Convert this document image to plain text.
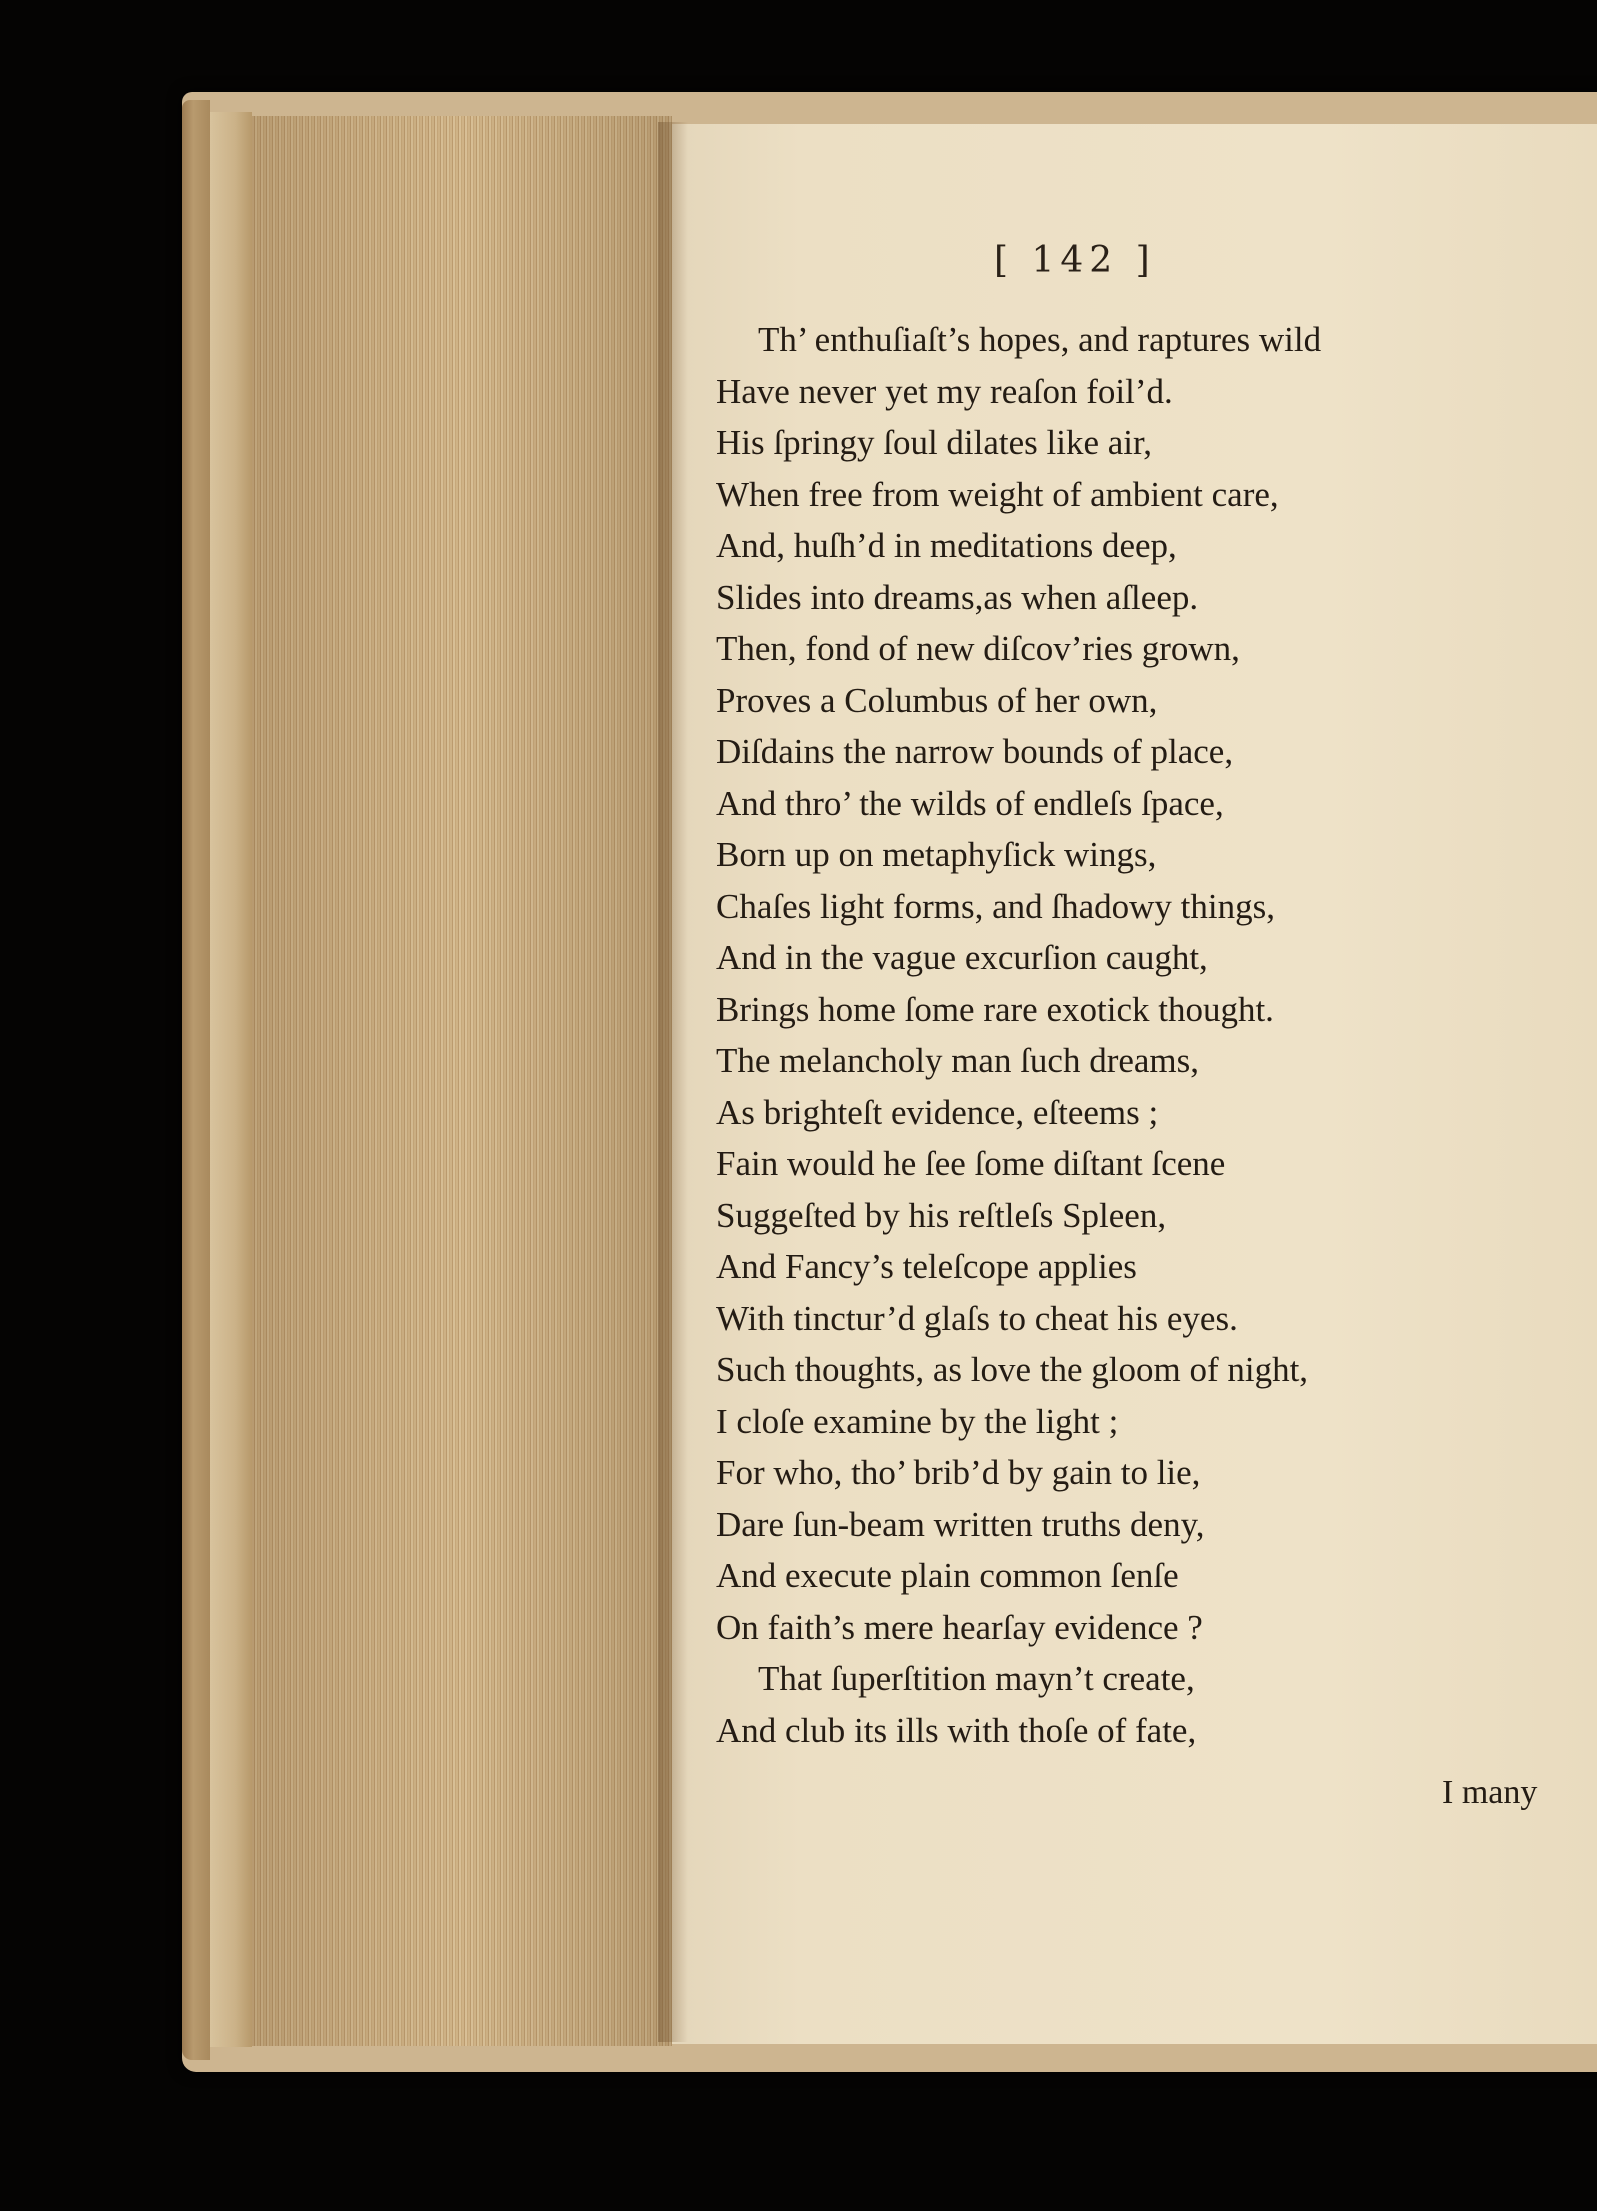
[ 142 ]
Th’ enthuſiaſt’s hopes, and raptures wild
Have never yet my reaſon foil’d.
His ſpringy ſoul dilates like air,
When free from weight of ambient care,
And, huſh’d in meditations deep,
Slides into dreams,as when aſleep.
Then, fond of new diſcov’ries grown,
Proves a Columbus of her own,
Diſdains the narrow bounds of place,
And thro’ the wilds of endleſs ſpace,
Born up on metaphyſick wings,
Chaſes light forms, and ſhadowy things,
And in the vague excurſion caught,
Brings home ſome rare exotick thought.
The melancholy man ſuch dreams,
As brighteſt evidence, eſteems ;
Fain would he ſee ſome diſtant ſcene
Suggeſted by his reſtleſs Spleen,
And Fancy’s teleſcope applies
With tinctur’d glaſs to cheat his eyes.
Such thoughts, as love the gloom of night,
I cloſe examine by the light ;
For who, tho’ brib’d by gain to lie,
Dare ſun-beam written truths deny,
And execute plain common ſenſe
On faith’s mere hearſay evidence ?
That ſuperſtition mayn’t create,
And club its ills with thoſe of fate,
I many
